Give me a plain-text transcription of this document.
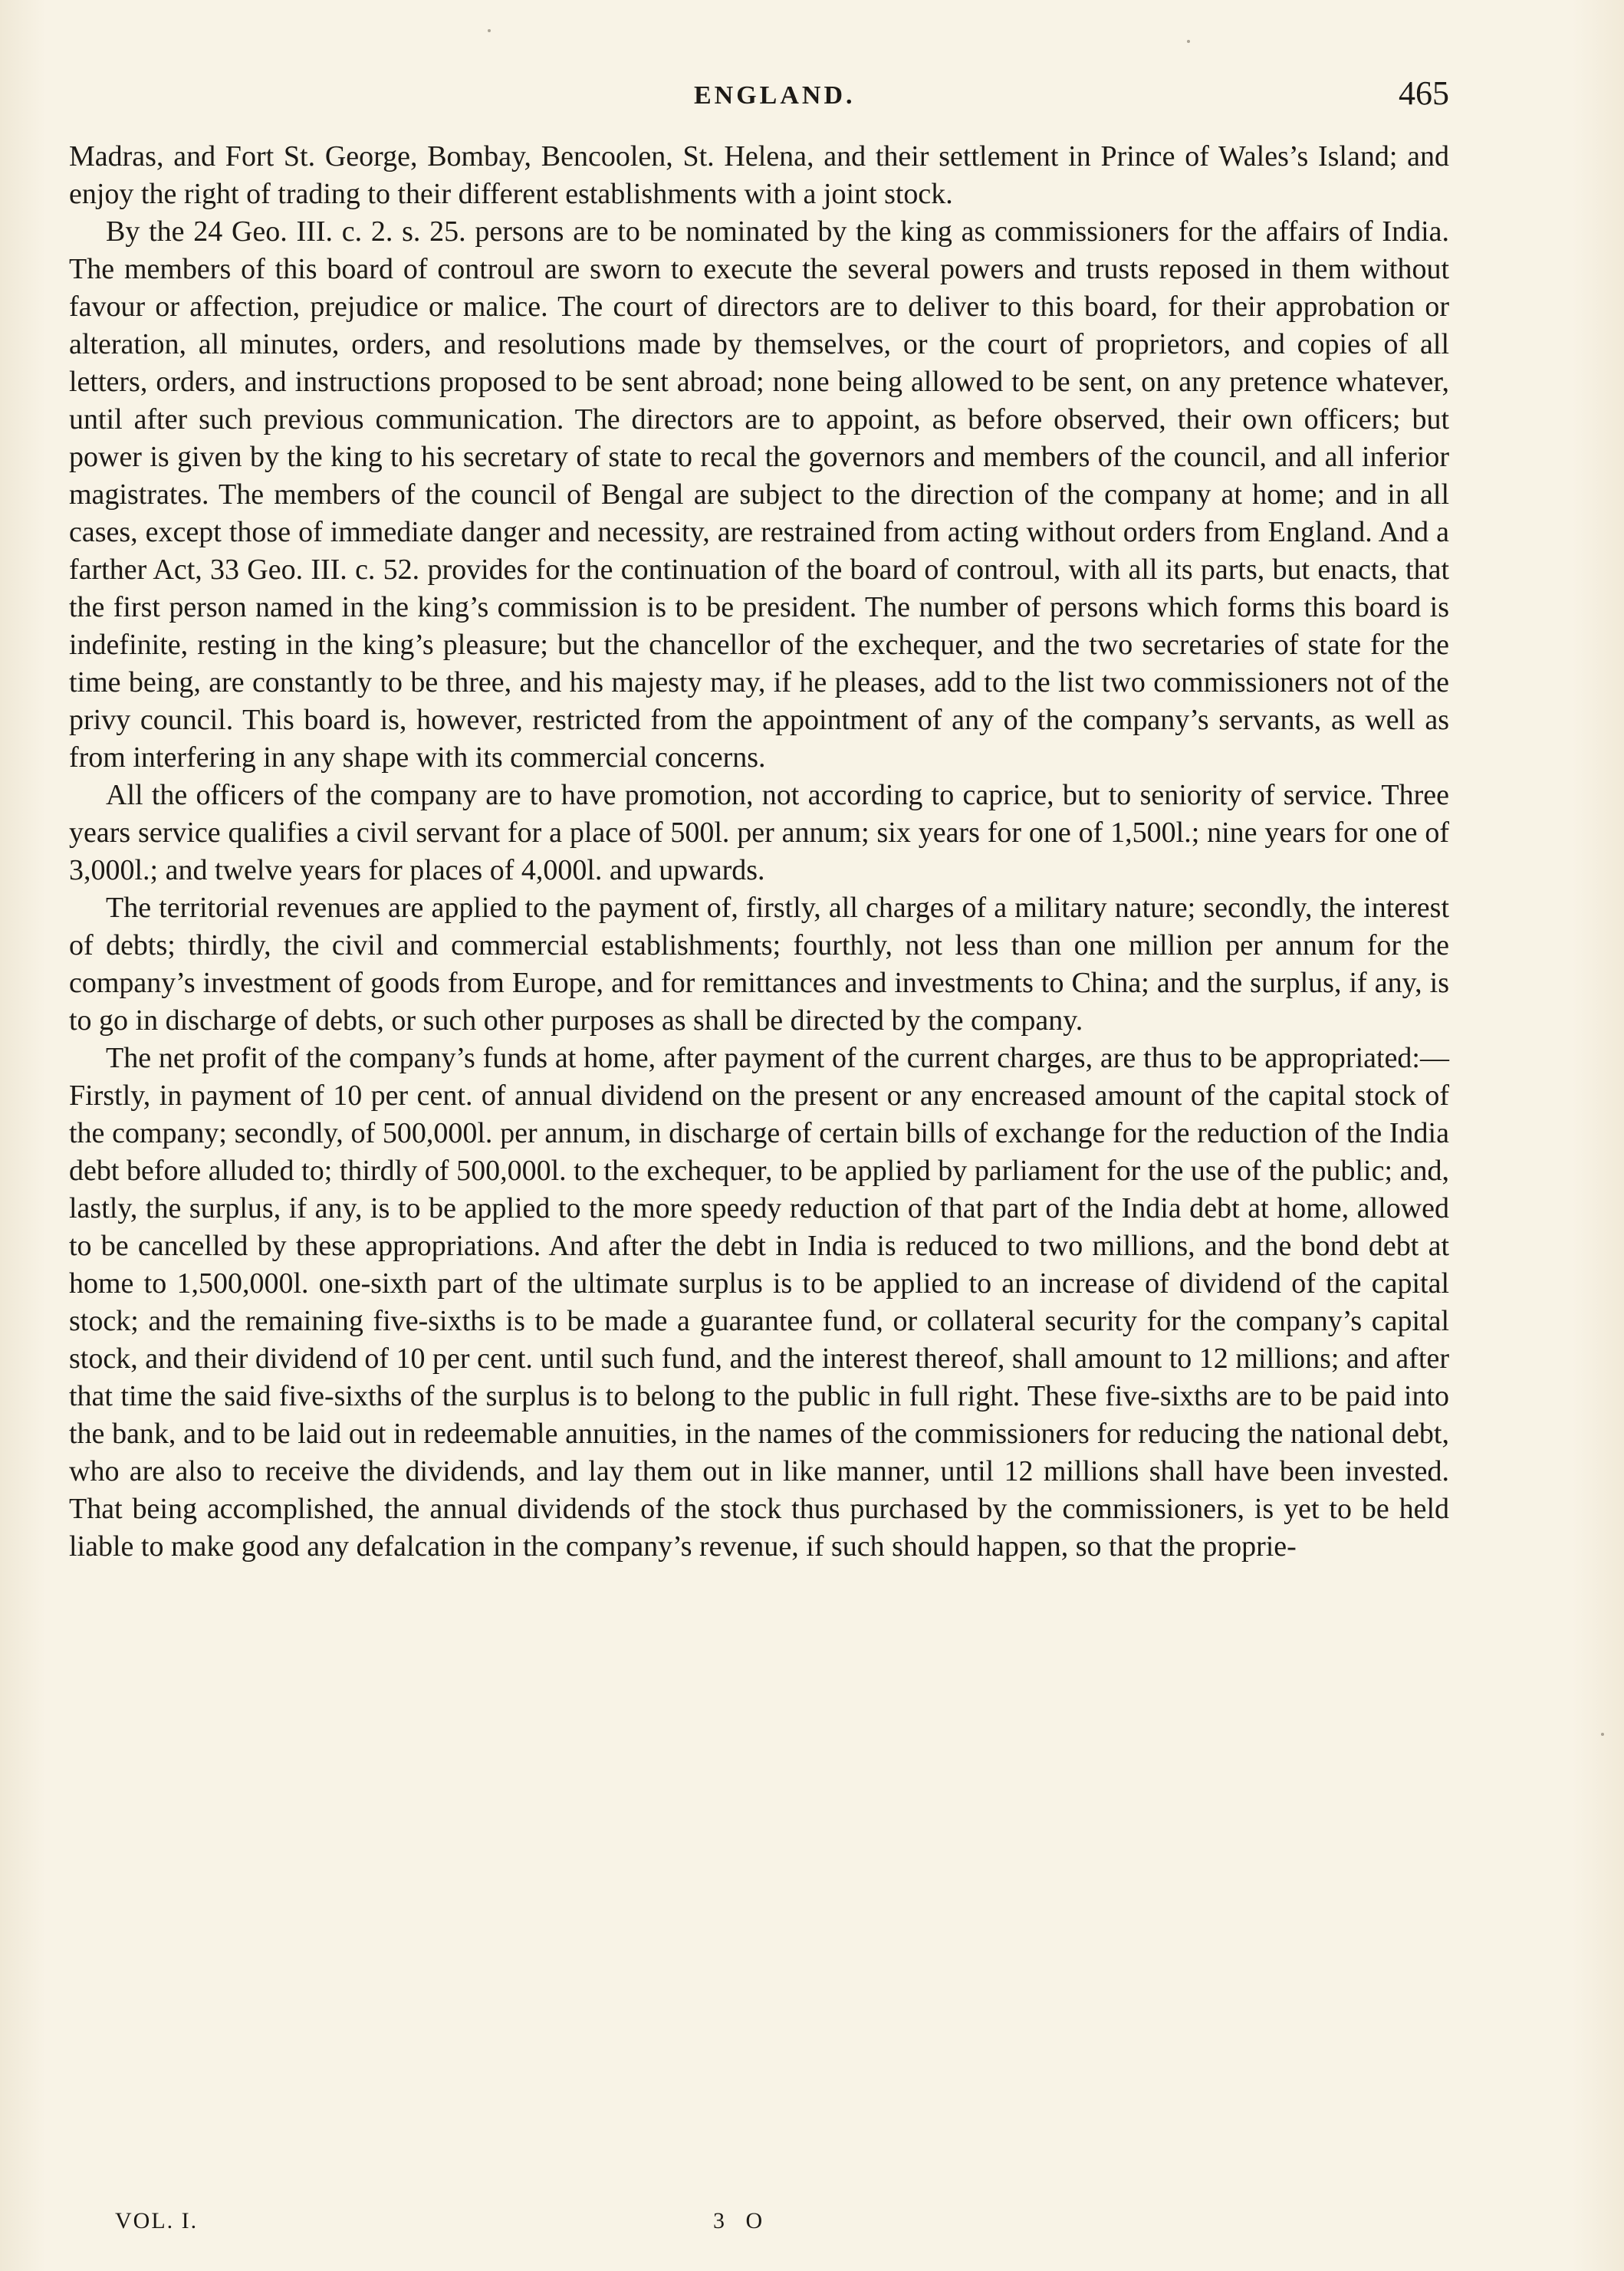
ENGLAND.	465

Madras, and Fort St. George, Bombay, Bencoolen, St. Helena, and their settlement in Prince of Wales’s Island; and enjoy the right of trading to their different establishments with a joint stock.

By the 24 Geo. III. c. 2. s. 25. persons are to be nominated by the king as commissioners for the affairs of India. The members of this board of controul are sworn to execute the several powers and trusts reposed in them without favour or affection, prejudice or malice. The court of directors are to deliver to this board, for their approbation or alteration, all minutes, orders, and resolutions made by themselves, or the court of proprietors, and copies of all letters, orders, and instructions proposed to be sent abroad; none being allowed to be sent, on any pretence whatever, until after such previous communication. The directors are to appoint, as before observed, their own officers; but power is given by the king to his secretary of state to recal the governors and members of the council, and all inferior magistrates. The members of the council of Bengal are subject to the direction of the company at home; and in all cases, except those of immediate danger and necessity, are restrained from acting without orders from England. And a farther Act, 33 Geo. III. c. 52. provides for the continuation of the board of controul, with all its parts, but enacts, that the first person named in the king’s commission is to be president. The number of persons which forms this board is indefinite, resting in the king’s pleasure; but the chancellor of the exchequer, and the two secretaries of state for the time being, are constantly to be three, and his majesty may, if he pleases, add to the list two commissioners not of the privy council. This board is, however, restricted from the appointment of any of the company’s servants, as well as from interfering in any shape with its commercial concerns.

All the officers of the company are to have promotion, not according to caprice, but to seniority of service. Three years service qualifies a civil servant for a place of 500l. per annum; six years for one of 1,500l.; nine years for one of 3,000l.; and twelve years for places of 4,000l. and upwards.

The territorial revenues are applied to the payment of, firstly, all charges of a military nature; secondly, the interest of debts; thirdly, the civil and commercial establishments; fourthly, not less than one million per annum for the company’s investment of goods from Europe, and for remittances and investments to China; and the surplus, if any, is to go in discharge of debts, or such other purposes as shall be directed by the company.

The net profit of the company’s funds at home, after payment of the current charges, are thus to be appropriated:—Firstly, in payment of 10 per cent. of annual dividend on the present or any encreased amount of the capital stock of the company; secondly, of 500,000l. per annum, in discharge of certain bills of exchange for the reduction of the India debt before alluded to; thirdly of 500,000l. to the exchequer, to be applied by parliament for the use of the public; and, lastly, the surplus, if any, is to be applied to the more speedy reduction of that part of the India debt at home, allowed to be cancelled by these appropriations. And after the debt in India is reduced to two millions, and the bond debt at home to 1,500,000l. one-sixth part of the ultimate surplus is to be applied to an increase of dividend of the capital stock; and the remaining five-sixths is to be made a guarantee fund, or collateral security for the company’s capital stock, and their dividend of 10 per cent. until such fund, and the interest thereof, shall amount to 12 millions; and after that time the said five-sixths of the surplus is to belong to the public in full right. These five-sixths are to be paid into the bank, and to be laid out in redeemable annuities, in the names of the commissioners for reducing the national debt, who are also to receive the dividends, and lay them out in like manner, until 12 millions shall have been invested. That being accomplished, the annual dividends of the stock thus purchased by the commissioners, is yet to be held liable to make good any defalcation in the company’s revenue, if such should happen, so that the proprie-

VOL. I.	3 O
